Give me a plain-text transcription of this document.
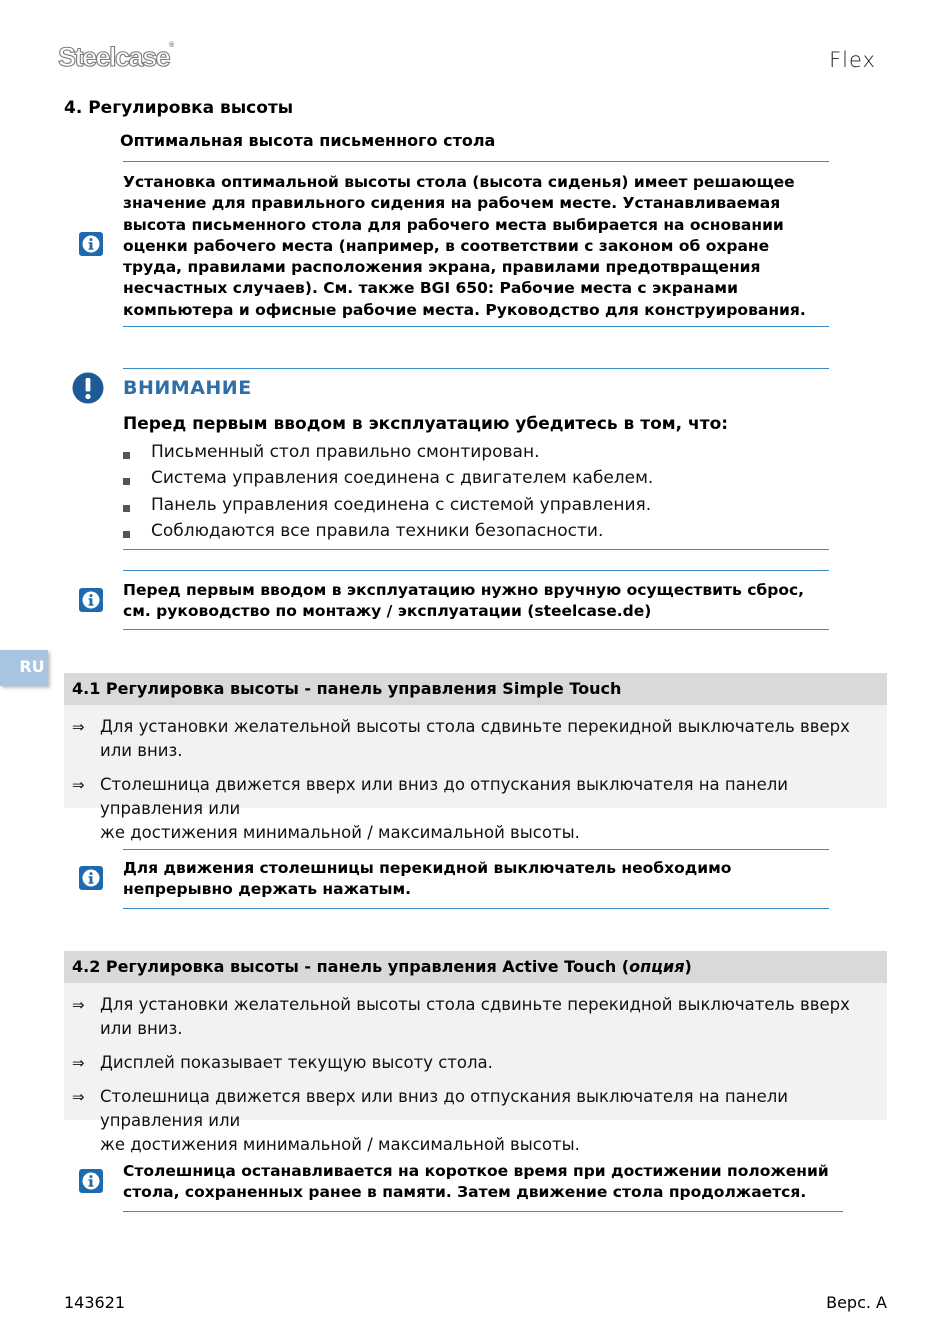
Steelcase®
Flex
4. Регулировка высоты
Оптимальная высота письменного стола
Установка оптимальной высоты стола (высота сиденья) имеет решающее
значение для правильного сидения на рабочем месте. Устанавливаемая
высота письменного стола для рабочего места выбирается на основании
оценки рабочего места (например, в соответствии с законом об охране
труда, правилами расположения экрана, правилами предотвращения
несчастных случаев). См. также BGI 650: Рабочие места с экранами
компьютера и офисные рабочие места. Руководство для конструирования.
ВНИМАНИЕ
Перед первым вводом в эксплуатацию убедитесь в том, что:
Письменный стол правильно смонтирован.
Система управления соединена с двигателем кабелем.
Панель управления соединена с системой управления.
Соблюдаются все правила техники безопасности.
Перед первым вводом в эксплуатацию нужно вручную осуществить сброс,
см. руководство по монтажу / эксплуатации (steelcase.de)
RU
4.1 Регулировка высоты - панель управления Simple Touch
⇒ Для установки желательной высоты стола сдвиньте перекидной выключатель вверх или вниз.
⇒ Столешница движется вверх или вниз до отпускания выключателя на панели управления или
же достижения минимальной / максимальной высоты.
Для движения столешницы перекидной выключатель необходимо
непрерывно держать нажатым.
4.2 Регулировка высоты - панель управления Active Touch (опция)
⇒ Для установки желательной высоты стола сдвиньте перекидной выключатель вверх или вниз.
⇒ Дисплей показывает текущую высоту стола.
⇒ Столешница движется вверх или вниз до отпускания выключателя на панели управления или
же достижения минимальной / максимальной высоты.
Столешница останавливается на короткое время при достижении положений
стола, сохраненных ранее в памяти. Затем движение стола продолжается.
143621	Верс. А
